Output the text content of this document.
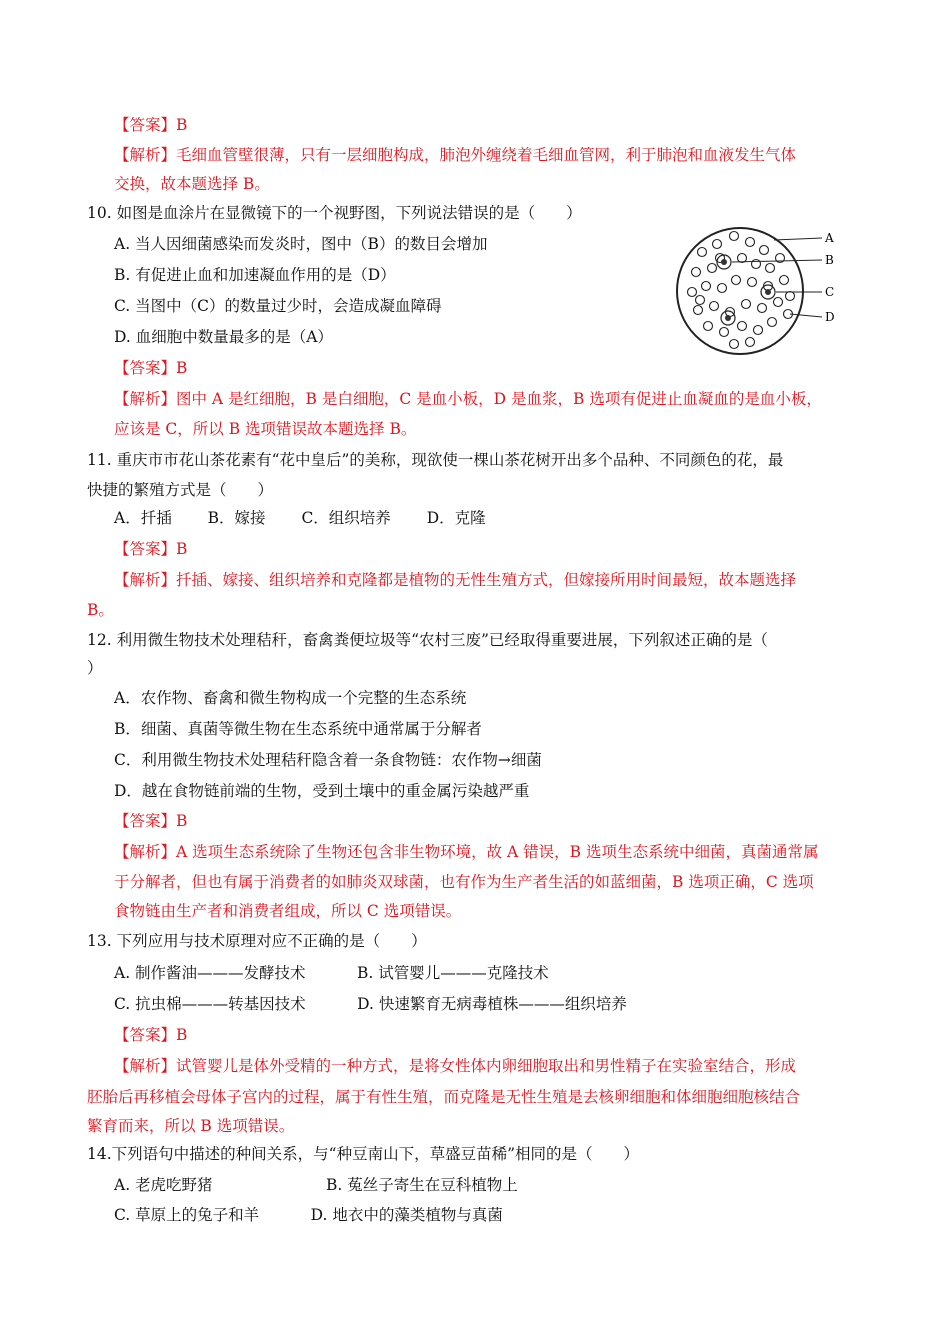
【答案】B
【解析】毛细血管壁很薄，只有一层细胞构成，肺泡外缠绕着毛细血管网，利于肺泡和血液发生气体
交换，故本题选择 B。
10. 如图是血涂片在显微镜下的一个视野图，下列说法错误的是（　　）
A. 当人因细菌感染而发炎时，图中（B）的数目会增加
B. 有促进止血和加速凝血作用的是（D）
C. 当图中（C）的数量过少时，会造成凝血障碍
D. 血细胞中数量最多的是（A）
【答案】B
【解析】图中 A 是红细胞，B 是白细胞，C 是血小板，D 是血浆，B 选项有促进止血凝血的是血小板，
应该是 C，所以 B 选项错误故本题选择 B。
11. 重庆市市花山茶花素有“花中皇后”的美称，现欲使一棵山茶花树开出多个品种、不同颜色的花，最
快捷的繁殖方式是（　　）
A．扦插　　 B．嫁接　　 C．组织培养　　 D．克隆
【答案】B
【解析】扦插、嫁接、组织培养和克隆都是植物的无性生殖方式，但嫁接所用时间最短，故本题选择
B。
12. 利用微生物技术处理秸秆，畜禽粪便垃圾等“农村三废”已经取得重要进展，下列叙述正确的是（
）
A．农作物、畜禽和微生物构成一个完整的生态系统
B．细菌、真菌等微生物在生态系统中通常属于分解者
C．利用微生物技术处理秸秆隐含着一条食物链：农作物→细菌
D．越在食物链前端的生物，受到土壤中的重金属污染越严重
【答案】B
【解析】A 选项生态系统除了生物还包含非生物环境，故 A 错误，B 选项生态系统中细菌，真菌通常属
于分解者，但也有属于消费者的如肺炎双球菌，也有作为生产者生活的如蓝细菌，B 选项正确，C 选项
食物链由生产者和消费者组成，所以 C 选项错误。
13. 下列应用与技术原理对应不正确的是（　　）
A. 制作酱油———发酵技术　　　 B. 试管婴儿———克隆技术
C. 抗虫棉———转基因技术　　　 D. 快速繁育无病毒植株———组织培养
【答案】B
【解析】试管婴儿是体外受精的一种方式，是将女性体内卵细胞取出和男性精子在实验室结合，形成
胚胎后再移植会母体子宫内的过程，属于有性生殖，而克隆是无性生殖是去核卵细胞和体细胞细胞核结合
繁育而来，所以 B 选项错误。
14.下列语句中描述的种间关系，与“种豆南山下，草盛豆苗稀”相同的是（　　）
A. 老虎吃野猪　　　　　　　 B. 菟丝子寄生在豆科植物上
C. 草原上的兔子和羊　　　 D. 地衣中的藻类植物与真菌
A
B
C
D
